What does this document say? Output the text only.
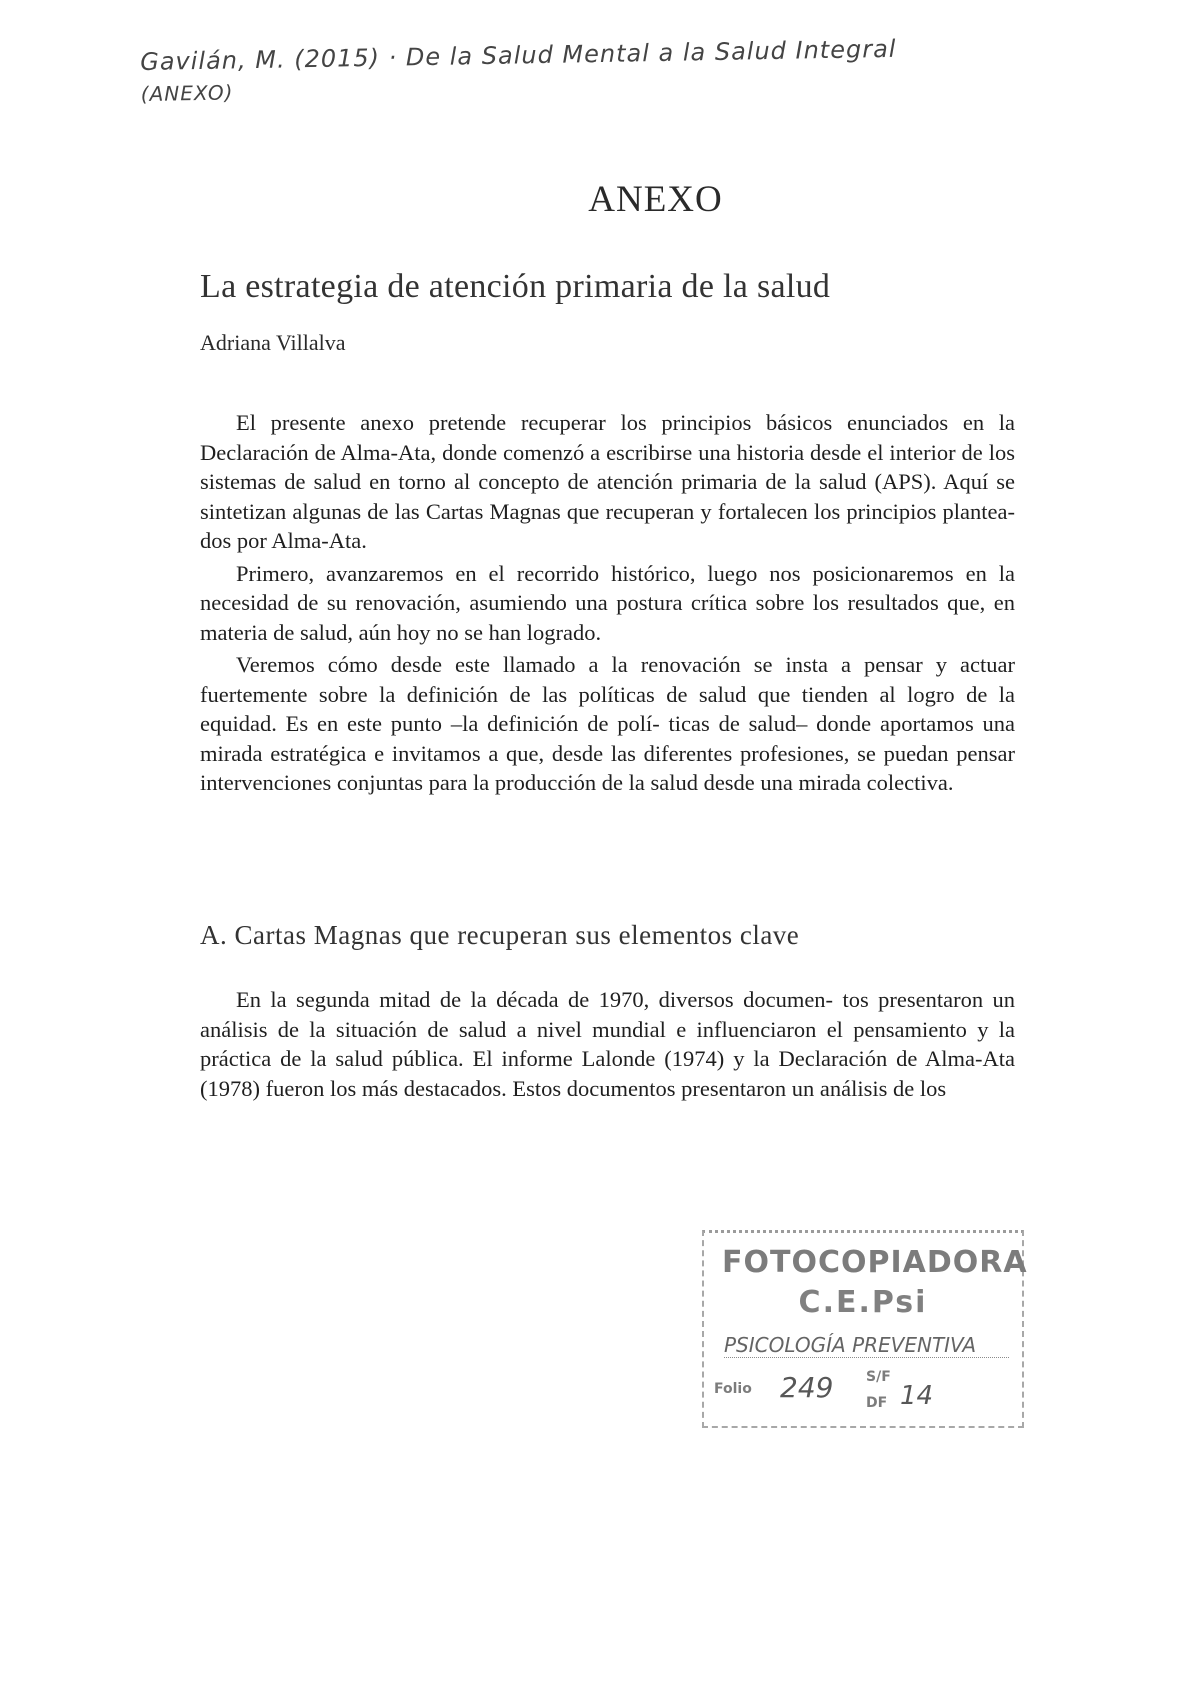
Gavilán, M. (2015) · De la Salud Mental a la Salud Integral
(ANEXO)
ANEXO
La estrategia de atención primaria de la salud
Adriana Villalva

El presente anexo pretende recuperar los principios básicos enunciados en la Declaración de Alma-Ata, donde comenzó a escribirse una historia desde el interior de los sistemas de salud en torno al concepto de atención primaria de la salud (APS). Aquí se sintetizan algunas de las Cartas Magnas que recuperan y fortalecen los principios plantea- dos por Alma-Ata.

Primero, avanzaremos en el recorrido histórico, luego nos posicionaremos en la necesidad de su renovación, asumiendo una postura crítica sobre los resultados que, en materia de salud, aún hoy no se han logrado.

Veremos cómo desde este llamado a la renovación se insta a pensar y actuar fuertemente sobre la definición de las políticas de salud que tienden al logro de la equidad. Es en este punto –la definición de polí- ticas de salud– donde aportamos una mirada estratégica e invitamos a que, desde las diferentes profesiones, se puedan pensar intervenciones conjuntas para la producción de la salud desde una mirada colectiva.

A. Cartas Magnas que recuperan sus elementos clave

En la segunda mitad de la década de 1970, diversos documen- tos presentaron un análisis de la situación de salud a nivel mundial e influenciaron el pensamiento y la práctica de la salud pública. El informe Lalonde (1974) y la Declaración de Alma-Ata (1978) fueron los más destacados. Estos documentos presentaron un análisis de los

FOTOCOPIADORA
C.E.Psi
PSICOLOGÍA PREVENTIVA
Folio 249 S/F
DF 14
